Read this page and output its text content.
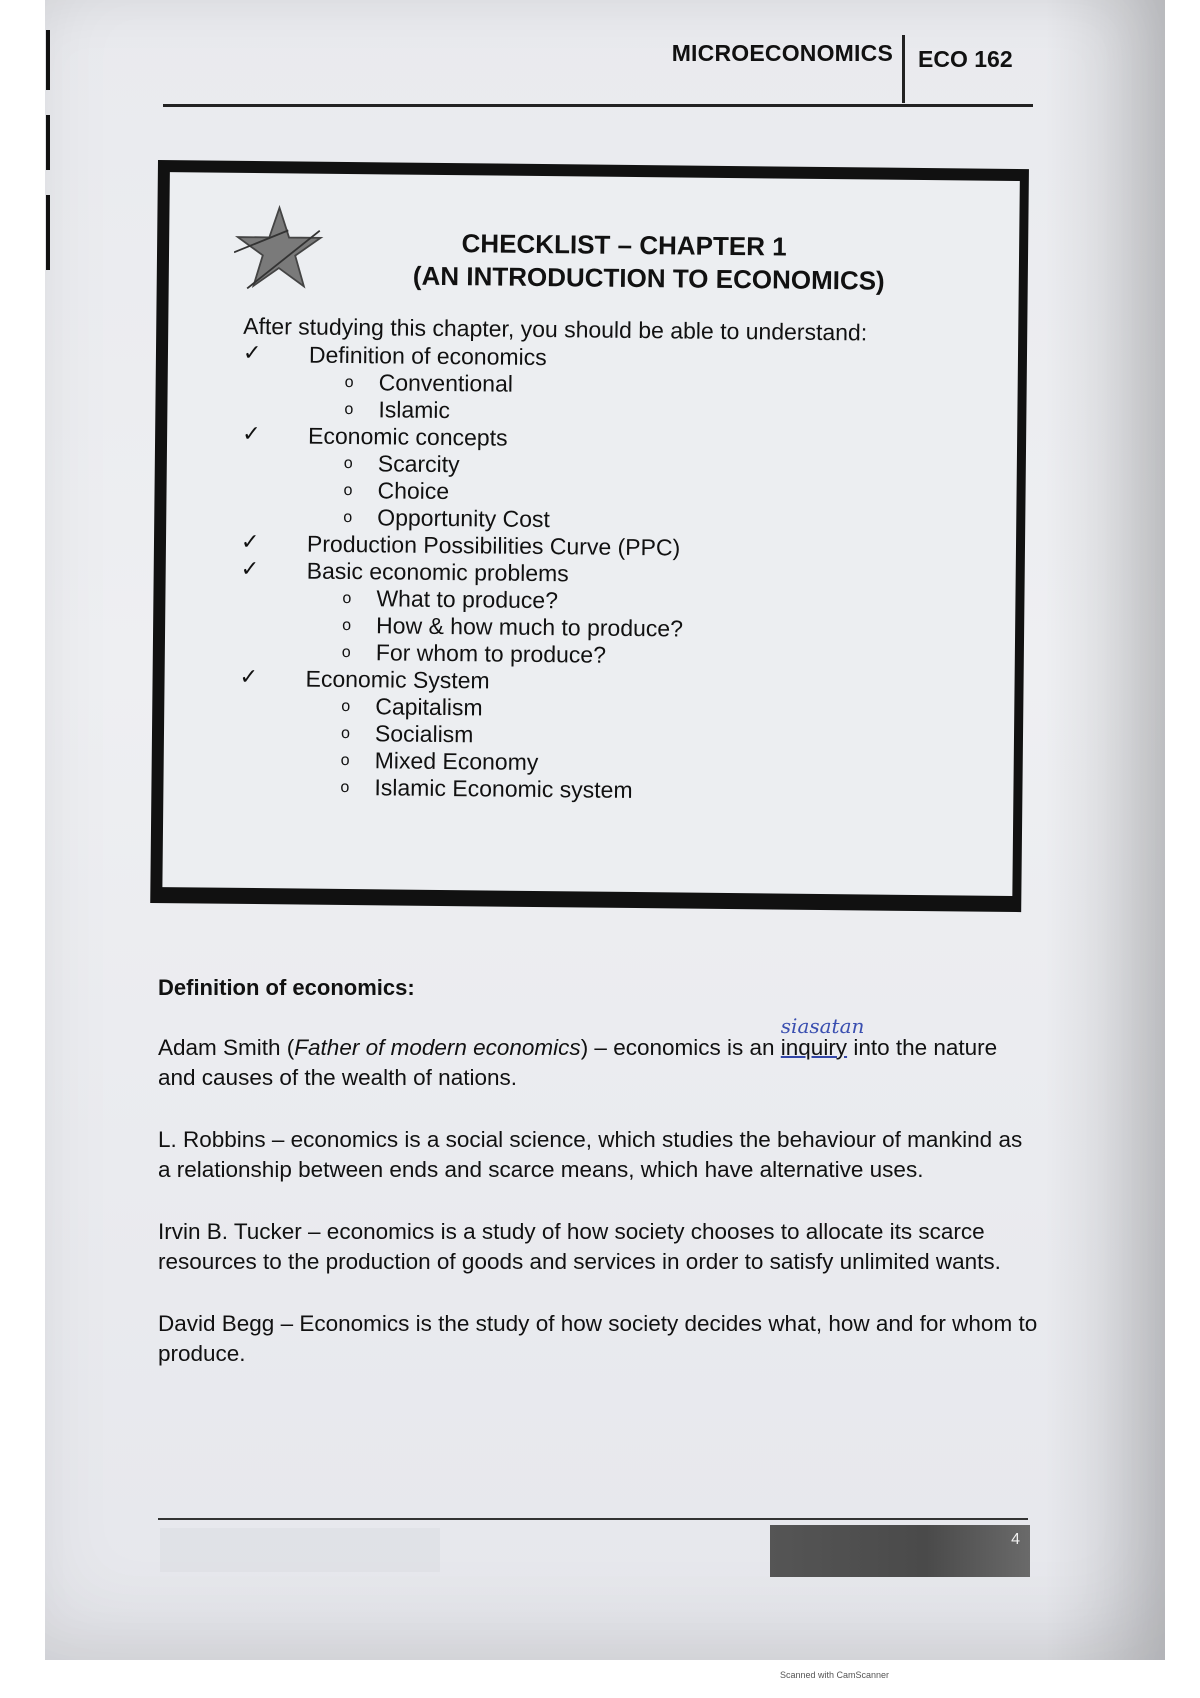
MICROECONOMICS ECO 162
CHECKLIST – CHAPTER 1
(AN INTRODUCTION TO ECONOMICS)
After studying this chapter, you should be able to understand:
✓ Definition of economics
o Conventional
o Islamic
✓ Economic concepts
o Scarcity
o Choice
o Opportunity Cost
✓ Production Possibilities Curve (PPC)
✓ Basic economic problems
o What to produce?
o How & how much to produce?
o For whom to produce?
✓ Economic System
o Capitalism
o Socialism
o Mixed Economy
o Islamic Economic system

Definition of economics:

Adam Smith (Father of modern economics) – economics is an
siasatan
inquiry into the nature and causes of the wealth of nations.

L. Robbins – economics is a social science, which studies the behaviour of mankind as a relationship between ends and scarce means, which have alternative uses.

Irvin B. Tucker – economics is a study of how society chooses to allocate its scarce resources to the production of goods and services in order to satisfy unlimited wants.

David Begg – Economics is the study of how society decides what, how and for whom to produce.

4
Scanned with CamScanner
